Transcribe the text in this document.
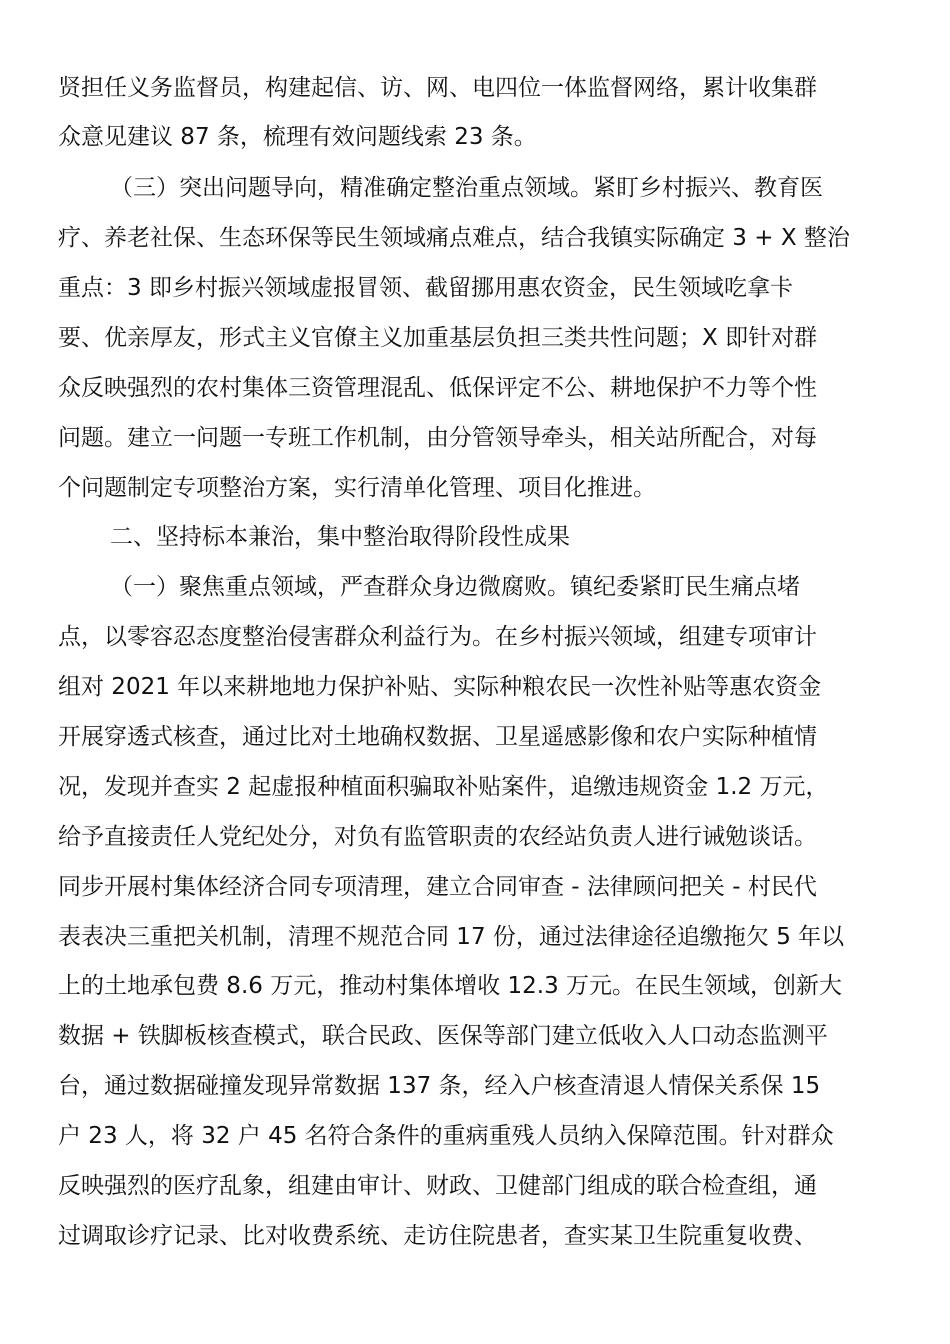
贤担任义务监督员，构建起信、访、网、电四位一体监督网络，累计收集群
众意见建议 87 条，梳理有效问题线索 23 条。
（三）突出问题导向，精准确定整治重点领域。紧盯乡村振兴、教育医
疗、养老社保、生态环保等民生领域痛点难点，结合我镇实际确定 3 + X 整治
重点：3 即乡村振兴领域虚报冒领、截留挪用惠农资金，民生领域吃拿卡
要、优亲厚友，形式主义官僚主义加重基层负担三类共性问题；X 即针对群
众反映强烈的农村集体三资管理混乱、低保评定不公、耕地保护不力等个性
问题。建立一问题一专班工作机制，由分管领导牵头，相关站所配合，对每
个问题制定专项整治方案，实行清单化管理、项目化推进。
二、坚持标本兼治，集中整治取得阶段性成果
（一）聚焦重点领域，严查群众身边微腐败。镇纪委紧盯民生痛点堵
点，以零容忍态度整治侵害群众利益行为。在乡村振兴领域，组建专项审计
组对 2021 年以来耕地地力保护补贴、实际种粮农民一次性补贴等惠农资金
开展穿透式核查，通过比对土地确权数据、卫星遥感影像和农户实际种植情
况，发现并查实 2 起虚报种植面积骗取补贴案件，追缴违规资金 1.2 万元，
给予直接责任人党纪处分，对负有监管职责的农经站负责人进行诫勉谈话。
同步开展村集体经济合同专项清理，建立合同审查 - 法律顾问把关 - 村民代
表表决三重把关机制，清理不规范合同 17 份，通过法律途径追缴拖欠 5 年以
上的土地承包费 8.6 万元，推动村集体增收 12.3 万元。在民生领域，创新大
数据 + 铁脚板核查模式，联合民政、医保等部门建立低收入人口动态监测平
台，通过数据碰撞发现异常数据 137 条，经入户核查清退人情保关系保 15
户 23 人，将 32 户 45 名符合条件的重病重残人员纳入保障范围。针对群众
反映强烈的医疗乱象，组建由审计、财政、卫健部门组成的联合检查组，通
过调取诊疗记录、比对收费系统、走访住院患者，查实某卫生院重复收费、
